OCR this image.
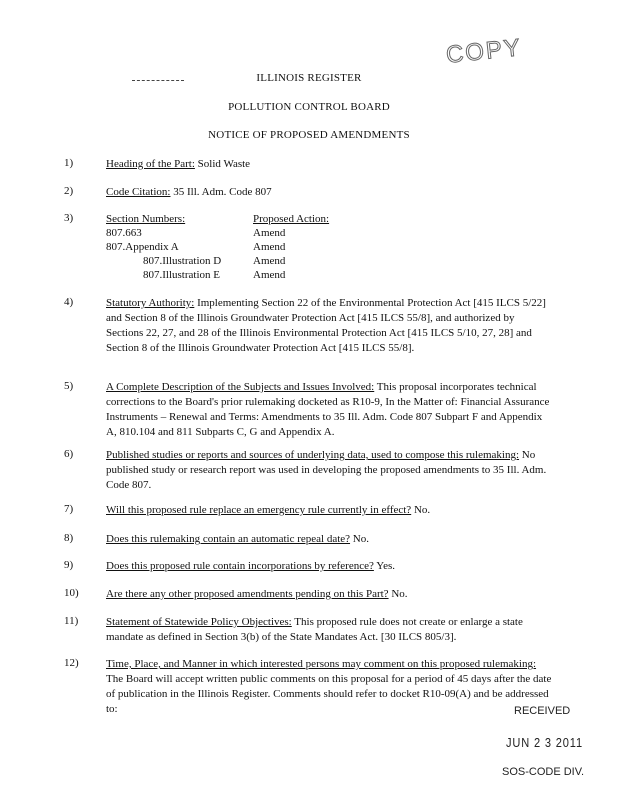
COPY
ILLINOIS REGISTER
POLLUTION CONTROL BOARD
NOTICE OF PROPOSED AMENDMENTS
1)	Heading of the Part: Solid Waste
2)	Code Citation: 35 Ill. Adm. Code 807
3)	Section Numbers:	Proposed Action:
807.663	Amend
807.Appendix A	Amend
807.Illustration D	Amend
807.Illustration E	Amend
4)	Statutory Authority: Implementing Section 22 of the Environmental Protection Act [415 ILCS 5/22] and Section 8 of the Illinois Groundwater Protection Act [415 ILCS 55/8], and authorized by Sections 22, 27, and 28 of the Illinois Environmental Protection Act [415 ILCS 5/10, 27, 28] and Section 8 of the Illinois Groundwater Protection Act [415 ILCS 55/8].
5)	A Complete Description of the Subjects and Issues Involved: This proposal incorporates technical corrections to the Board's prior rulemaking docketed as R10-9, In the Matter of: Financial Assurance Instruments – Renewal and Terms: Amendments to 35 Ill. Adm. Code 807 Subpart F and Appendix A, 810.104 and 811 Subparts C, G and Appendix A.
6)	Published studies or reports and sources of underlying data, used to compose this rulemaking: No published study or research report was used in developing the proposed amendments to 35 Ill. Adm. Code 807.
7)	Will this proposed rule replace an emergency rule currently in effect? No.
8)	Does this rulemaking contain an automatic repeal date? No.
9)	Does this proposed rule contain incorporations by reference? Yes.
10)	Are there any other proposed amendments pending on this Part? No.
11)	Statement of Statewide Policy Objectives: This proposed rule does not create or enlarge a state mandate as defined in Section 3(b) of the State Mandates Act. [30 ILCS 805/3].
12)	Time, Place, and Manner in which interested persons may comment on this proposed rulemaking: The Board will accept written public comments on this proposal for a period of 45 days after the date of publication in the Illinois Register. Comments should refer to docket R10-09(A) and be addressed to:	RECEIVED
JUN 2 3 2011
SOS-CODE DIV.
